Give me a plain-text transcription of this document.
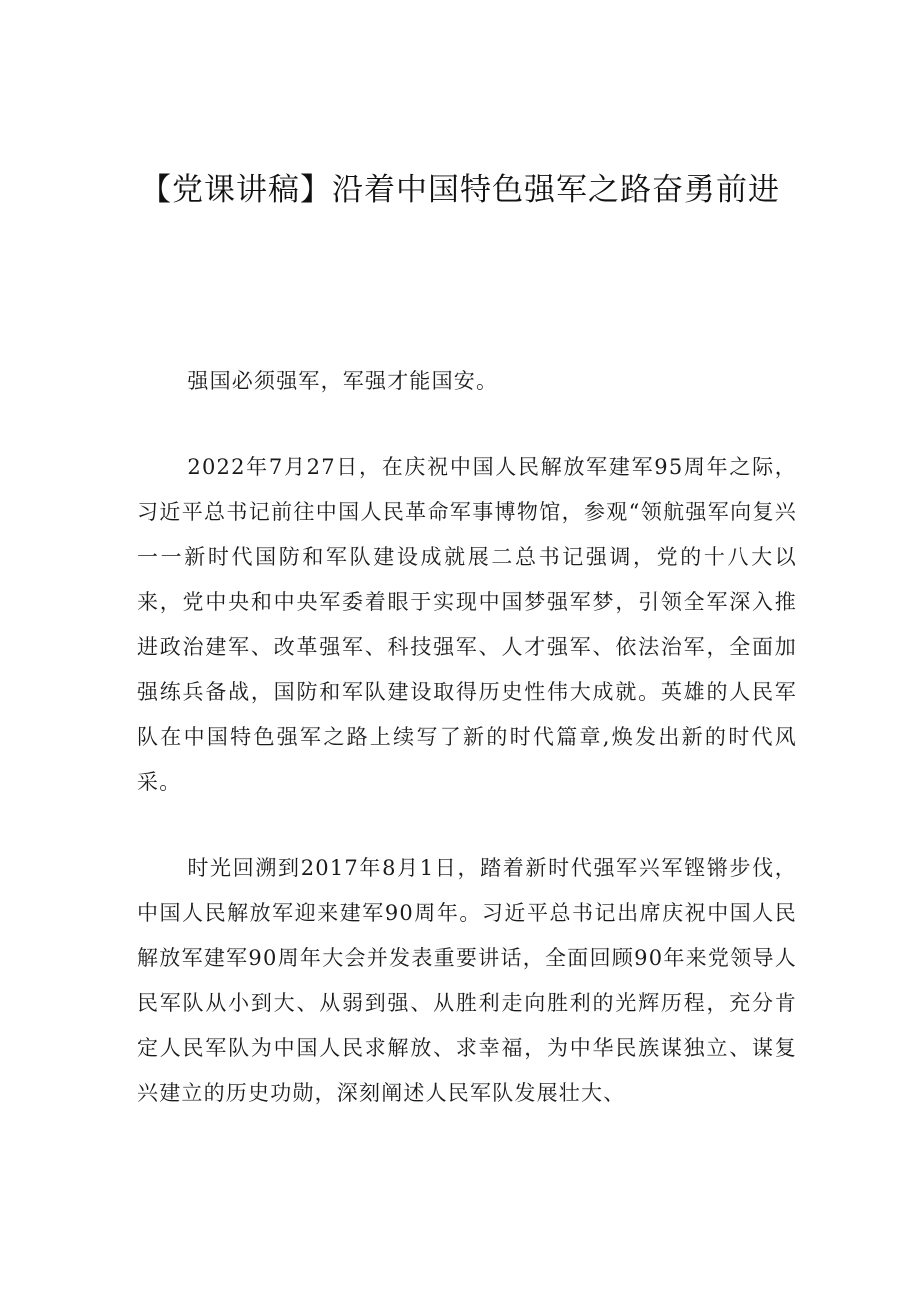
【党课讲稿】沿着中国特色强军之路奋勇前进

强国必须强军，军强才能国安。

2022年7月27日，在庆祝中国人民解放军建军95周年之际，习近平总书记前往中国人民革命军事博物馆，参观“领航强军向复兴一一新时代国防和军队建设成就展二总书记强调，党的十八大以来，党中央和中央军委着眼于实现中国梦强军梦，引领全军深入推进政治建军、改革强军、科技强军、人才强军、依法治军，全面加强练兵备战，国防和军队建设取得历史性伟大成就。英雄的人民军队在中国特色强军之路上续写了新的时代篇章,焕发出新的时代风采。

时光回溯到2017年8月1日，踏着新时代强军兴军铿锵步伐，中国人民解放军迎来建军90周年。习近平总书记出席庆祝中国人民解放军建军90周年大会并发表重要讲话，全面回顾90年来党领导人民军队从小到大、从弱到强、从胜利走向胜利的光辉历程，充分肯定人民军队为中国人民求解放、求幸福，为中华民族谋独立、谋复兴建立的历史功勋，深刻阐述人民军队发展壮大、
